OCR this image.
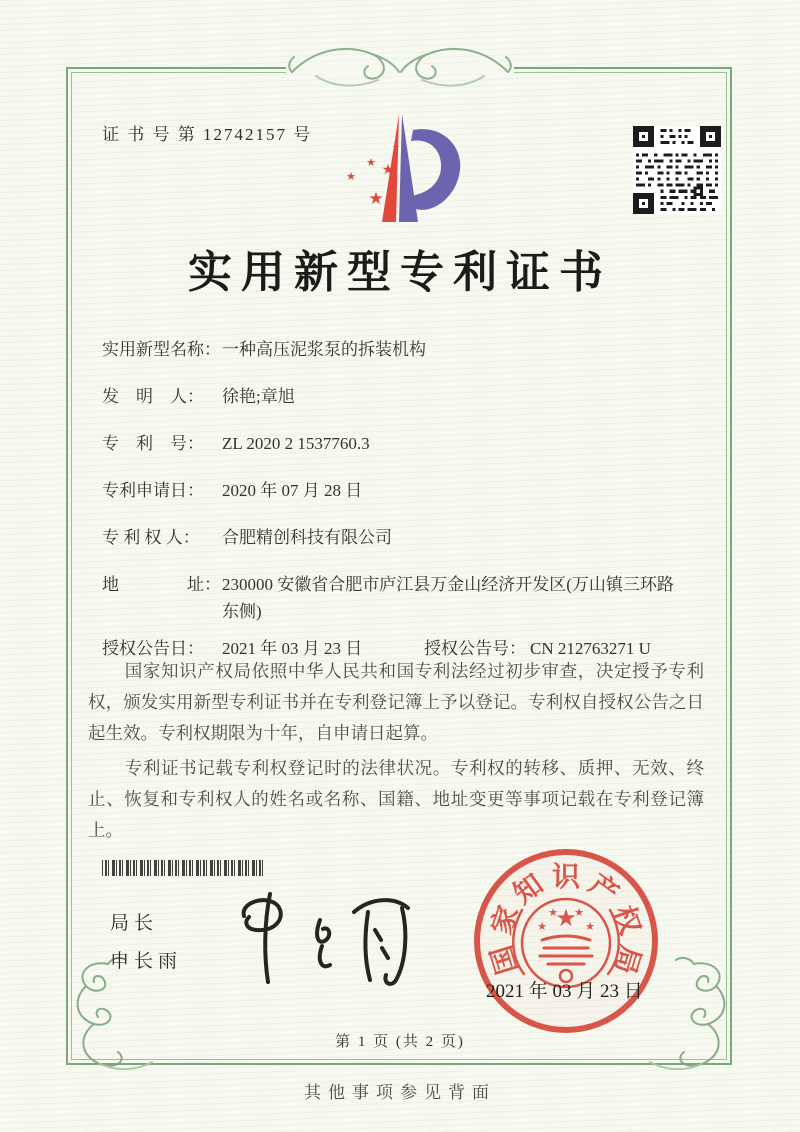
证 书 号 第 12742157 号
★
★ ★
★
★
实用新型专利证书
实用新型名称： 一种高压泥浆泵的拆装机构
发　明　人：	徐艳;章旭
专　利　号：	ZL 2020 2 1537760.3
专利申请日：	2020 年 07 月 28 日
专 利 权 人：	合肥精创科技有限公司
地　　　　址： 230000 安徽省合肥市庐江县万金山经济开发区(万山镇三环路东侧)
授权公告日：	2021 年 03 月 23 日	授权公告号： CN 212763271 U

国家知识产权局依照中华人民共和国专利法经过初步审查，决定授予专利权，颁发实用新型专利证书并在专利登记簿上予以登记。专利权自授权公告之日起生效。专利权期限为十年，自申请日起算。

专利证书记载专利权登记时的法律状况。专利权的转移、质押、无效、终止、恢复和专利权人的姓名或名称、国籍、地址变更等事项记载在专利登记簿上。

局长
申长雨	国
家
知 识 产
权
局
★
★
★ ★
★
2021 年 03 月 23 日
第 1 页 (共 2 页)
其他事项参见背面
